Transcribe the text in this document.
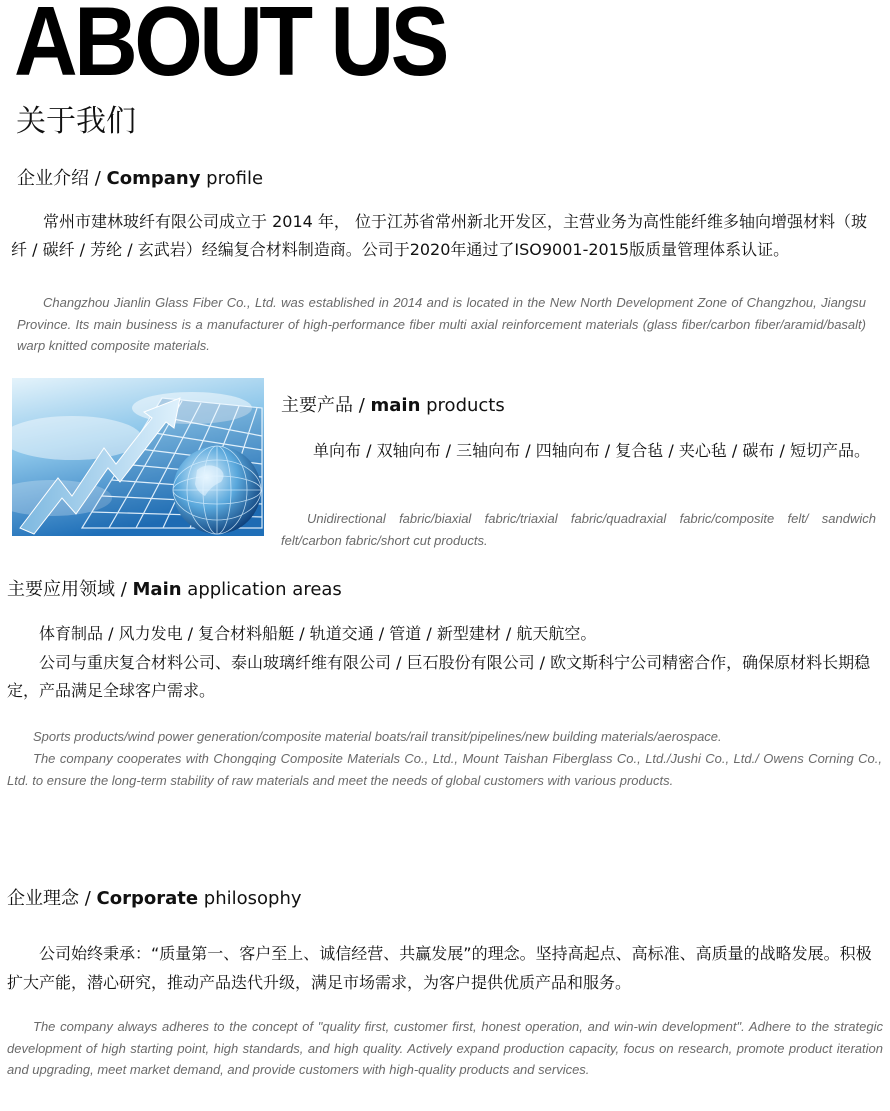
ABOUT US
关于我们
企业介绍 / Company profile
常州市建林玻纤有限公司成立于 2014 年， 位于江苏省常州新北开发区，主营业务为高性能纤维多轴向增强材料（玻纤 / 碳纤 / 芳纶 / 玄武岩）经编复合材料制造商。公司于2020年通过了ISO9001-2015版质量管理体系认证。
Changzhou Jianlin Glass Fiber Co., Ltd. was established in 2014 and is located in the New North Development Zone of Changzhou, Jiangsu Province. Its main business is a manufacturer of high-performance fiber multi axial reinforcement materials (glass fiber/carbon fiber/aramid/basalt) warp knitted composite materials.
主要产品 / main products
单向布 / 双轴向布 / 三轴向布 / 四轴向布 / 复合毡 / 夹心毡 / 碳布 / 短切产品。
Unidirectional fabric/biaxial fabric/triaxial fabric/quadraxial fabric/composite felt/ sandwich felt/carbon fabric/short cut products.
主要应用领域 / Main application areas
体育制品 / 风力发电 / 复合材料船艇 / 轨道交通 / 管道 / 新型建材 / 航天航空。
公司与重庆复合材料公司、泰山玻璃纤维有限公司 / 巨石股份有限公司 / 欧文斯科宁公司精密合作，确保原材料长期稳定，产品满足全球客户需求。
Sports products/wind power generation/composite material boats/rail transit/pipelines/new building materials/aerospace.
The company cooperates with Chongqing Composite Materials Co., Ltd., Mount Taishan Fiberglass Co., Ltd./Jushi Co., Ltd./ Owens Corning Co., Ltd. to ensure the long-term stability of raw materials and meet the needs of global customers with various products.
企业理念 / Corporate philosophy
公司始终秉承：“质量第一、客户至上、诚信经营、共赢发展”的理念。坚持高起点、高标准、高质量的战略发展。积极扩大产能，潜心研究，推动产品迭代升级，满足市场需求，为客户提供优质产品和服务。
The company always adheres to the concept of "quality first, customer first, honest operation, and win-win development". Adhere to the strategic development of high starting point, high standards, and high quality. Actively expand production capacity, focus on research, promote product iteration and upgrading, meet market demand, and provide customers with high-quality products and services.
